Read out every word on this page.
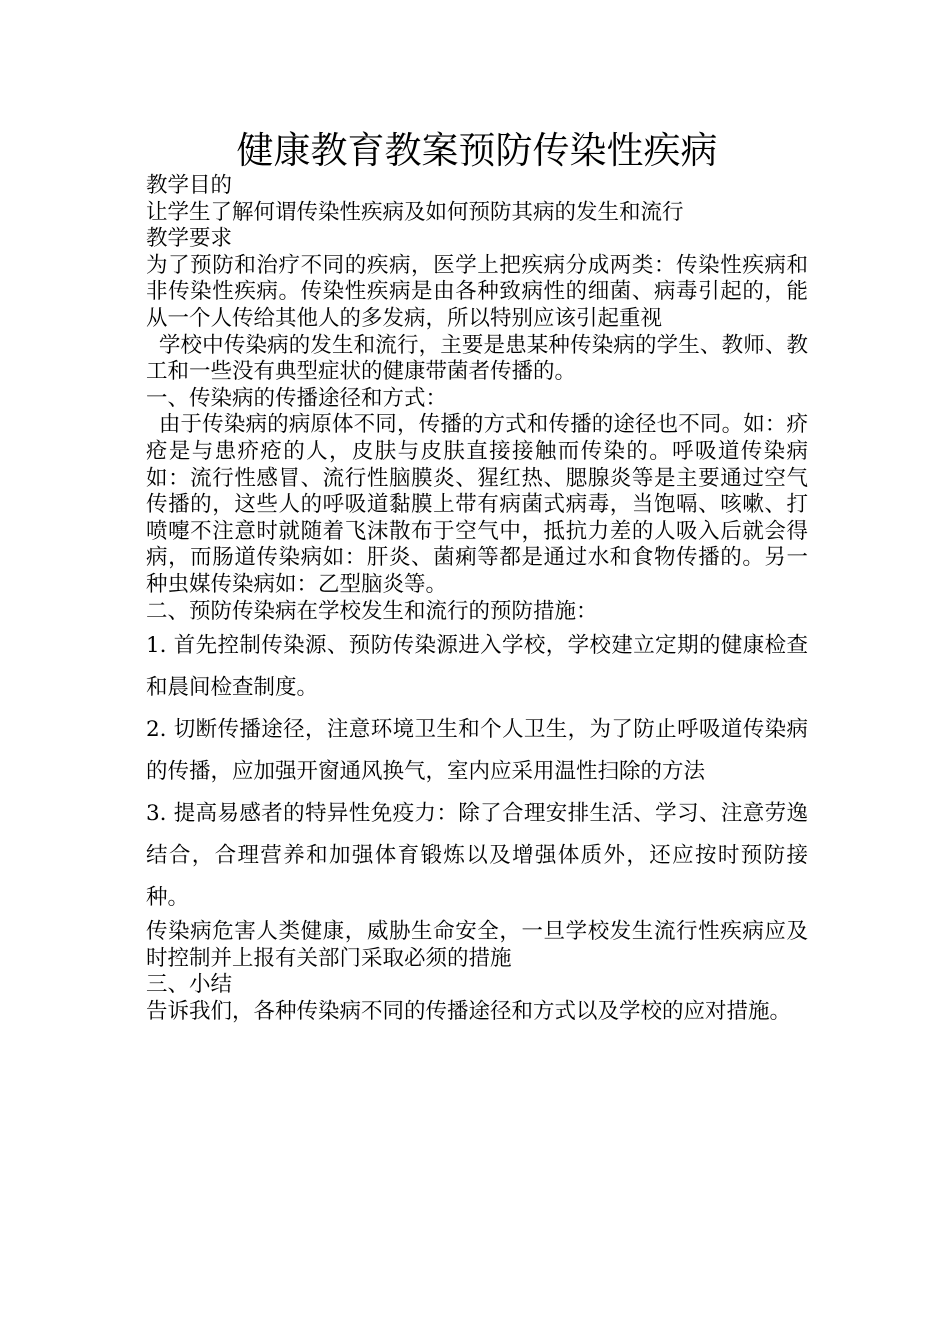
健康教育教案预防传染性疾病

教学目的

让学生了解何谓传染性疾病及如何预防其病的发生和流行

教学要求

为了预防和治疗不同的疾病，医学上把疾病分成两类：传染性疾病和非传染性疾病。传染性疾病是由各种致病性的细菌、病毒引起的，能从一个人传给其他人的多发病，所以特别应该引起重视

学校中传染病的发生和流行，主要是患某种传染病的学生、教师、教工和一些没有典型症状的健康带菌者传播的。

一、传染病的传播途径和方式：

由于传染病的病原体不同，传播的方式和传播的途径也不同。如：疥疮是与患疥疮的人，皮肤与皮肤直接接触而传染的。呼吸道传染病如：流行性感冒、流行性脑膜炎、猩红热、腮腺炎等是主要通过空气传播的，这些人的呼吸道黏膜上带有病菌式病毒，当饱嗝、咳嗽、打喷嚏不注意时就随着飞沫散布于空气中，抵抗力差的人吸入后就会得病，而肠道传染病如：肝炎、菌痢等都是通过水和食物传播的。另一种虫媒传染病如：乙型脑炎等。

二、预防传染病在学校发生和流行的预防措施：

1. 首先控制传染源、预防传染源进入学校，学校建立定期的健康检查和晨间检查制度。

2. 切断传播途径，注意环境卫生和个人卫生，为了防止呼吸道传染病的传播，应加强开窗通风换气，室内应采用温性扫除的方法

3. 提高易感者的特异性免疫力：除了合理安排生活、学习、注意劳逸结合，合理营养和加强体育锻炼以及增强体质外，还应按时预防接种。

传染病危害人类健康，威胁生命安全，一旦学校发生流行性疾病应及时控制并上报有关部门采取必须的措施

三、小结

告诉我们，各种传染病不同的传播途径和方式以及学校的应对措施。
